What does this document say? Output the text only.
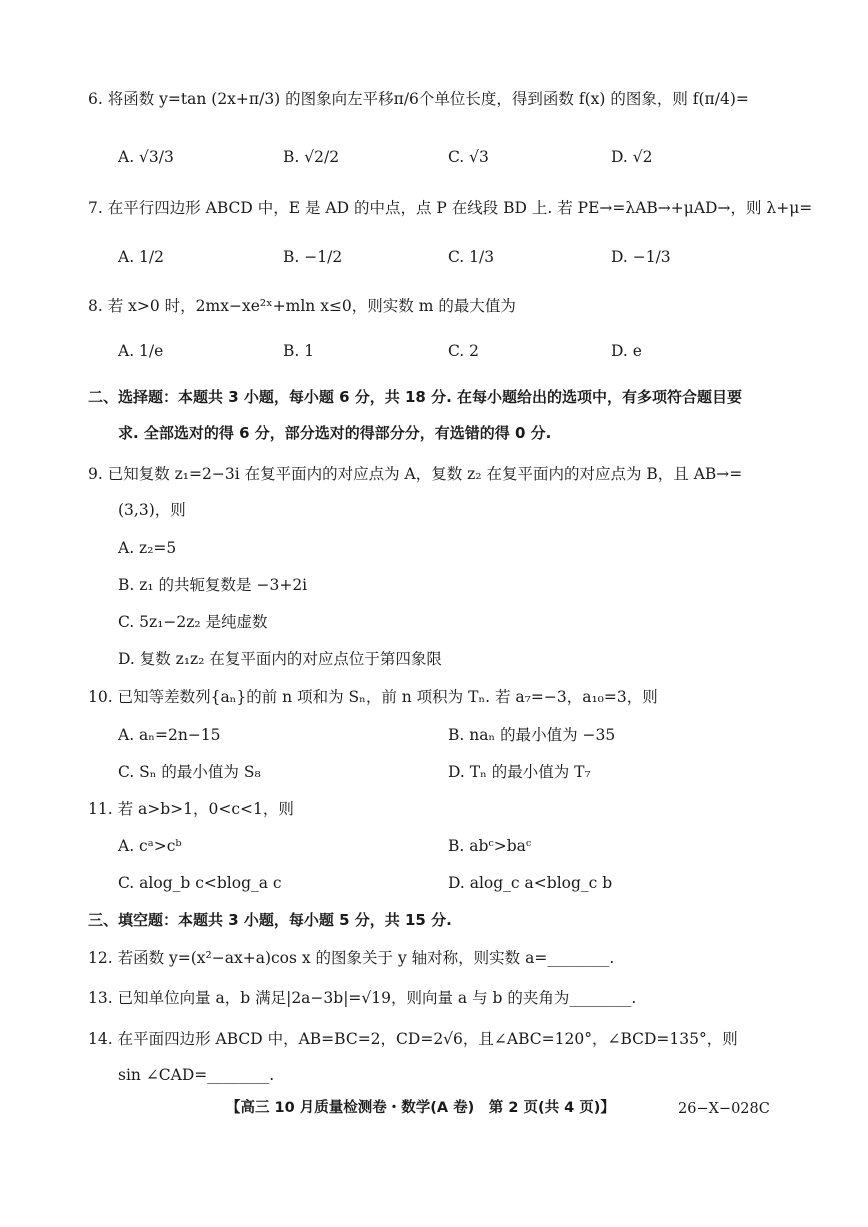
6. 将函数 y=tan (2x+π/3) 的图象向左平移π/6个单位长度，得到函数 f(x) 的图象，则 f(π/4)=
A. √3/3	B. √2/2	C. √3	D. √2
7. 在平行四边形 ABCD 中，E 是 AD 的中点，点 P 在线段 BD 上. 若 PE→=λAB→+μAD→，则 λ+μ=
A. 1/2	B. −1/2	C. 1/3	D. −1/3
8. 若 x>0 时，2mx−xe²ˣ+mln x≤0，则实数 m 的最大值为
A. 1/e	B. 1	C. 2	D. e
二、选择题：本题共 3 小题，每小题 6 分，共 18 分. 在每小题给出的选项中，有多项符合题目要
求. 全部选对的得 6 分，部分选对的得部分分，有选错的得 0 分.
9. 已知复数 z₁=2−3i 在复平面内的对应点为 A，复数 z₂ 在复平面内的对应点为 B，且 AB→=
(3,3)，则
A. z₂=5
B. z₁ 的共轭复数是 −3+2i
C. 5z₁−2z₂ 是纯虚数
D. 复数 z₁z₂ 在复平面内的对应点位于第四象限
10. 已知等差数列{aₙ}的前 n 项和为 Sₙ，前 n 项积为 Tₙ. 若 a₇=−3，a₁₀=3，则
A. aₙ=2n−15	B. naₙ 的最小值为 −35
C. Sₙ 的最小值为 S₈	D. Tₙ 的最小值为 T₇
11. 若 a>b>1，0<c<1，则
A. cᵃ>cᵇ	B. abᶜ>baᶜ
C. alog_b c<blog_a c	D. alog_c a<blog_c b
三、填空题：本题共 3 小题，每小题 5 分，共 15 分.
12. 若函数 y=(x²−ax+a)cos x 的图象关于 y 轴对称，则实数 a=________.
13. 已知单位向量 a，b 满足|2a−3b|=√19，则向量 a 与 b 的夹角为________.
14. 在平面四边形 ABCD 中，AB=BC=2，CD=2√6，且∠ABC=120°，∠BCD=135°，则
sin ∠CAD=________.
【高三 10 月质量检测卷・数学(A 卷)　第 2 页(共 4 页)】	26−X−028C
